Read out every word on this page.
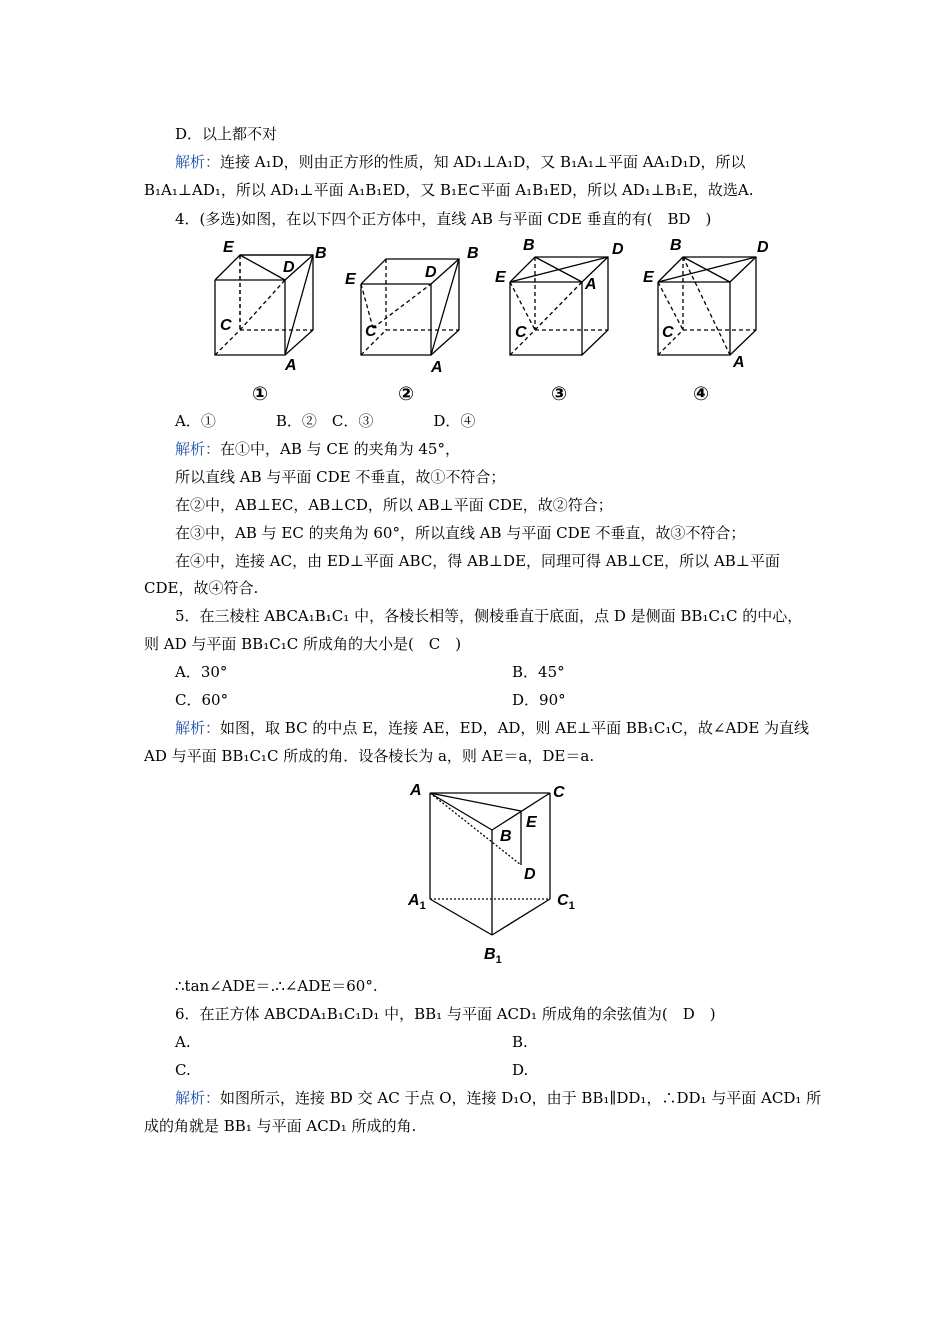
D．以上都不对
解析：连接 A₁D，则由正方形的性质，知 AD₁⊥A₁D，又 B₁A₁⊥平面 AA₁D₁D，所以
B₁A₁⊥AD₁，所以 AD₁⊥平面 A₁B₁ED，又 B₁E⊂平面 A₁B₁ED，所以 AD₁⊥B₁E，故选A.
4．(多选)如图，在以下四个正方体中，直线 AB 与平面 CDE 垂直的有(　BD　)
E	B
D
C
A
E
B
D
C
A
B	D
E	A
C
B	D
E
C
A
①	②	③	④
A．①　　　　B．②　C．③　　　　D．④
解析：在①中，AB 与 CE 的夹角为 45°，
所以直线 AB 与平面 CDE 不垂直，故①不符合；
在②中，AB⊥EC，AB⊥CD，所以 AB⊥平面 CDE，故②符合；
在③中，AB 与 EC 的夹角为 60°，所以直线 AB 与平面 CDE 不垂直，故③不符合；
在④中，连接 AC，由 ED⊥平面 ABC，得 AB⊥DE，同理可得 AB⊥CE，所以 AB⊥平面
CDE，故④符合.
5．在三棱柱 ABCA₁B₁C₁ 中，各棱长相等，侧棱垂直于底面，点 D 是侧面 BB₁C₁C 的中心，
则 AD 与平面 BB₁C₁C 所成角的大小是(　C　)
A．30°	B．45°
C．60°	D．90°
解析：如图，取 BC 的中点 E，连接 AE，ED，AD，则 AE⊥平面 BB₁C₁C，故∠ADE 为直线
AD 与平面 BB₁C₁C 所成的角．设各棱长为 a，则 AE＝a，DE＝a.
A	C
E
B
D
$A_1$	$C_1$
$B_1$
∴tan∠ADE＝.∴∠ADE＝60°.
6．在正方体 ABCDA₁B₁C₁D₁ 中，BB₁ 与平面 ACD₁ 所成角的余弦值为(　D　)
A.	B.
C.	D.
解析：如图所示，连接 BD 交 AC 于点 O，连接 D₁O，由于 BB₁∥DD₁，∴DD₁ 与平面 ACD₁ 所
成的角就是 BB₁ 与平面 ACD₁ 所成的角.
